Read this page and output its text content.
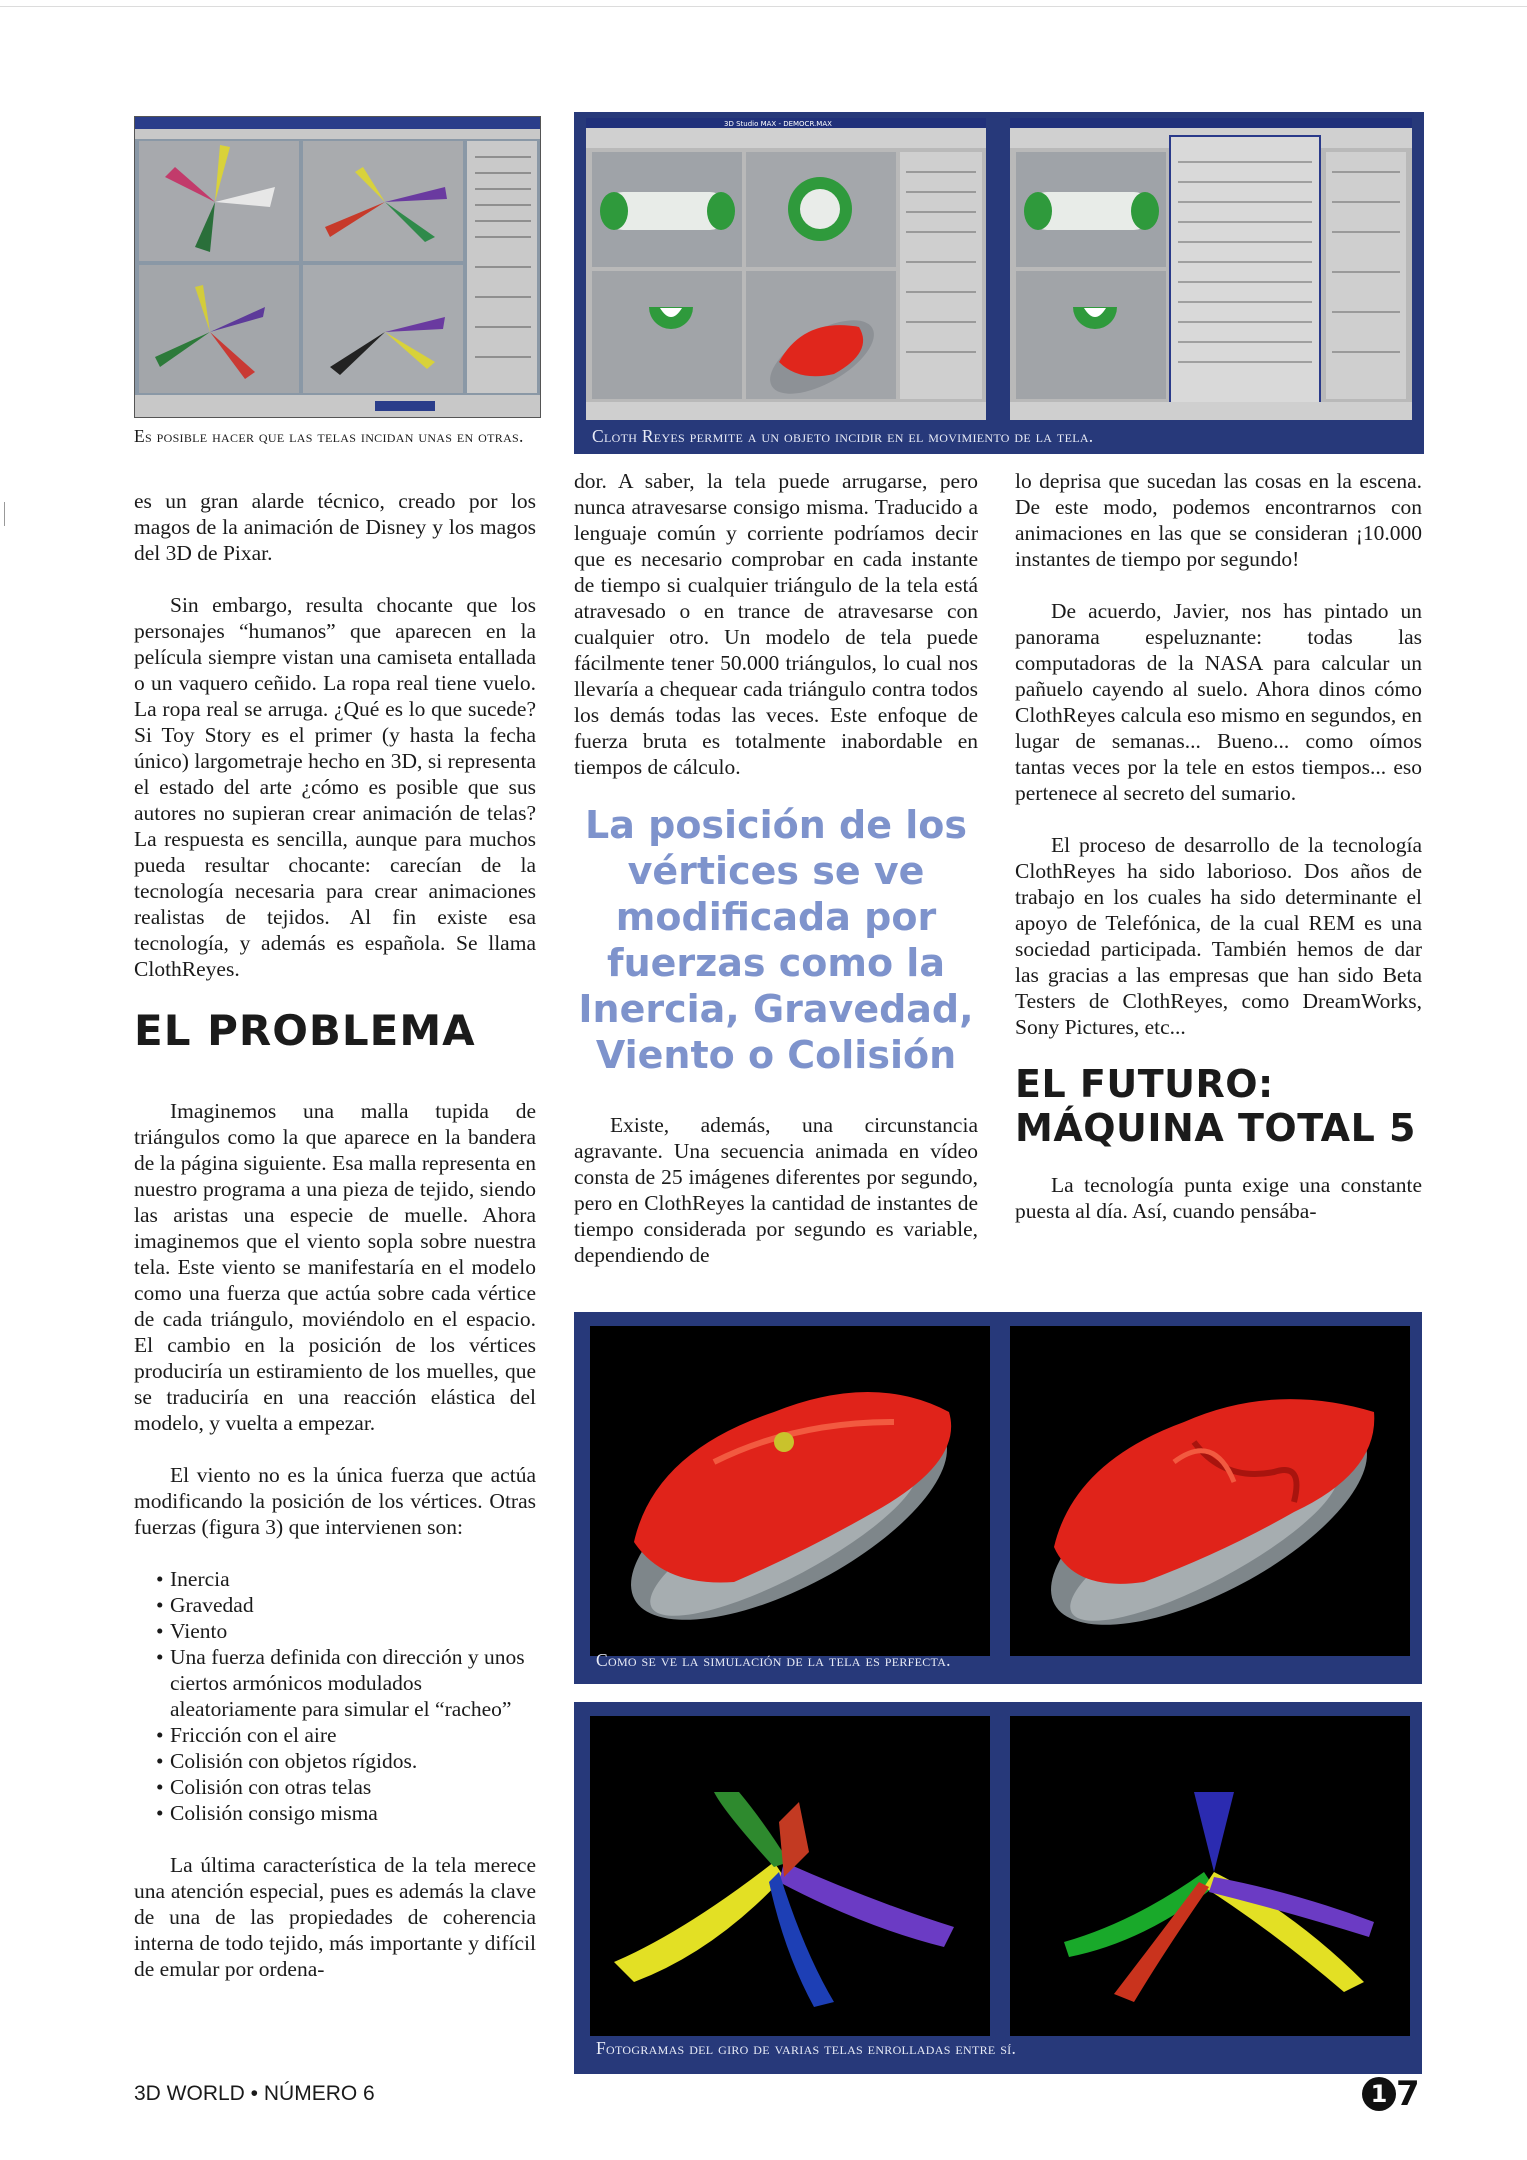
Es posible hacer que las telas incidan unas en otras.
3D Studio MAX - DEMOCR.MAX
Cloth Reyes permite a un objeto incidir en el movimiento de la tela.

es un gran alarde técnico, creado por los magos de la animación de Disney y los magos del 3D de Pixar.

Sin embargo, resulta chocante que los personajes “humanos” que aparecen en la película siempre vistan una camiseta entallada o un vaquero ceñido. La ropa real tiene vuelo. La ropa real se arruga. ¿Qué es lo que sucede? Si Toy Story es el primer (y hasta la fecha único) largometraje hecho en 3D, si representa el estado del arte ¿cómo es posible que sus autores no supieran crear animación de telas? La respuesta es sencilla, aunque para muchos pueda resultar chocante: carecían de la tecnología necesaria para crear animaciones realistas de tejidos. Al fin existe esa tecnología, y además es española. Se llama ClothReyes.

EL PROBLEMA

Imaginemos una malla tupida de triángulos como la que aparece en la bandera de la página siguiente. Esa malla representa en nuestro programa a una pieza de tejido, siendo las aristas una especie de muelle. Ahora imaginemos que el viento sopla sobre nuestra tela. Este viento se manifestaría en el modelo como una fuerza que actúa sobre cada vértice de cada triángulo, moviéndolo en el espacio. El cambio en la posición de los vértices produciría un estiramiento de los muelles, que se traduciría en una reacción elástica del modelo, y vuelta a empezar.

El viento no es la única fuerza que actúa modificando la posición de los vértices. Otras fuerzas (figura 3) que intervienen son:

• Inercia
• Gravedad
• Viento
• Una fuerza definida con dirección y unos ciertos armónicos modulados aleatoriamente para simular el “racheo”
• Fricción con el aire
• Colisión con objetos rígidos.
• Colisión con otras telas
• Colisión consigo misma

La última característica de la tela merece una atención especial, pues es además la clave de una de las propiedades de coherencia interna de todo tejido, más importante y difícil de emular por ordena-

dor. A saber, la tela puede arrugarse, pero nunca atravesarse consigo misma. Traducido a lenguaje común y corriente podríamos decir que es necesario comprobar en cada instante de tiempo si cualquier triángulo de la tela está atravesado o en trance de atravesarse con cualquier otro. Un modelo de tela puede fácilmente tener 50.000 triángulos, lo cual nos llevaría a chequear cada triángulo contra todos los demás todas las veces. Este enfoque de fuerza bruta es totalmente inabordable en tiempos de cálculo.

La posición de los vértices se ve modificada por fuerzas como la Inercia, Gravedad, Viento o Colisión

Existe, además, una circunstancia agravante. Una secuencia animada en vídeo consta de 25 imágenes diferentes por segundo, pero en ClothReyes la cantidad de instantes de tiempo considerada por segundo es variable, dependiendo de

lo deprisa que sucedan las cosas en la escena. De este modo, podemos encontrarnos con animaciones en las que se consideran ¡10.000 instantes de tiempo por segundo!

De acuerdo, Javier, nos has pintado un panorama espeluznante: todas las computadoras de la NASA para calcular un pañuelo cayendo al suelo. Ahora dinos cómo ClothReyes calcula eso mismo en segundos, en lugar de semanas... Bueno... como oímos tantas veces por la tele en estos tiempos... eso pertenece al secreto del sumario.

El proceso de desarrollo de la tecnología ClothReyes ha sido laborioso. Dos años de trabajo en los cuales ha sido determinante el apoyo de Telefónica, de la cual REM es una sociedad participada. También hemos de dar las gracias a las empresas que han sido Beta Testers de ClothReyes, como DreamWorks, Sony Pictures, etc...

EL FUTURO:
MÁQUINA TOTAL 5

La tecnología punta exige una constante puesta al día. Así, cuando pensába-

Como se ve la simulación de la tela es perfecta.
Fotogramas del giro de varias telas enrolladas entre sí.
3D WORLD • NÚMERO 6	1 7
